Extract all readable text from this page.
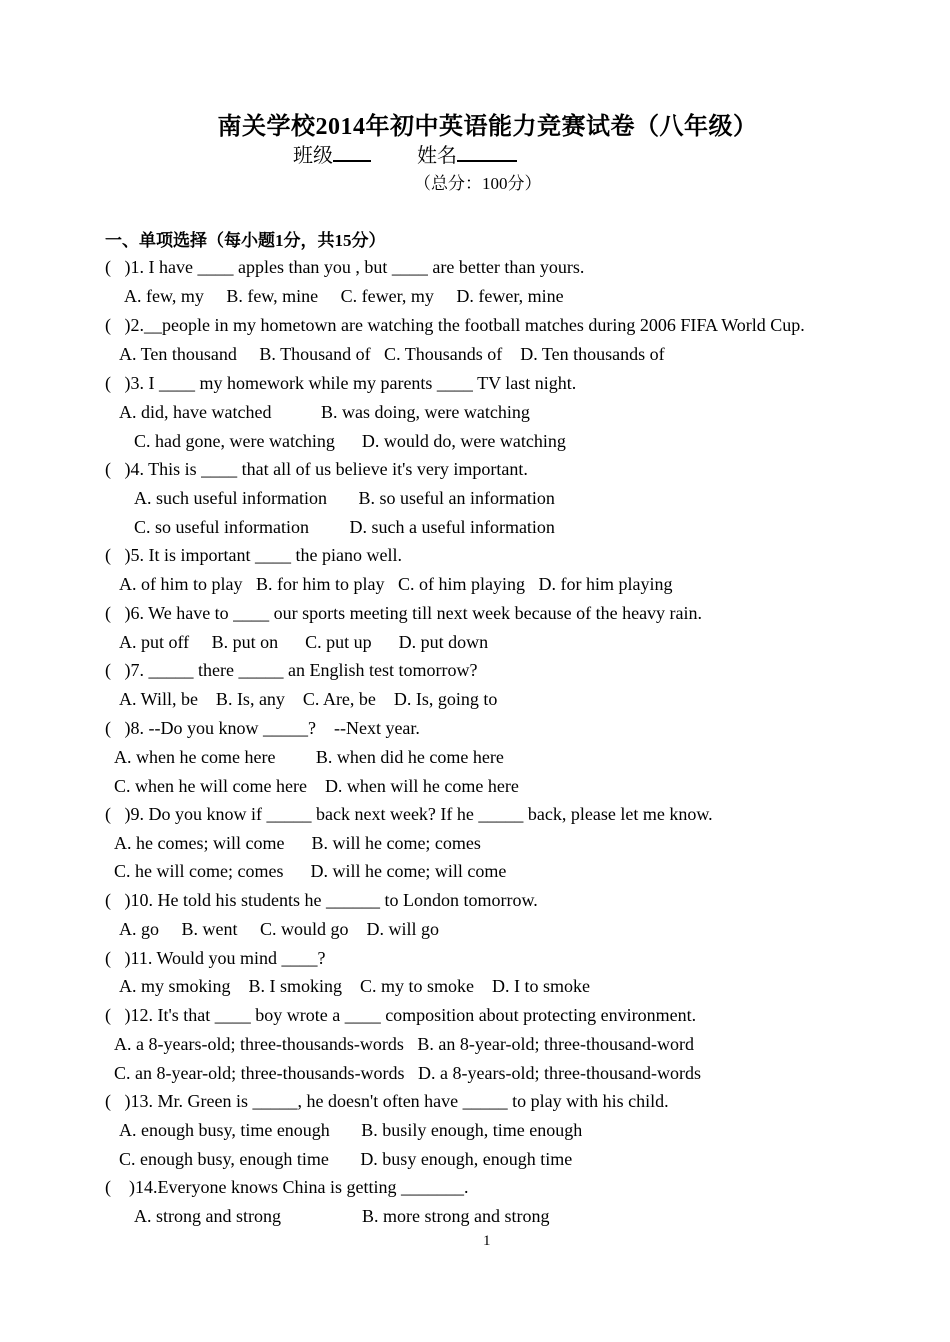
南关学校2014年初中英语能力竞赛试卷（八年级）
班级	姓名
（总分：100分）
一、单项选择（每小题1分，共15分）
(   )1. I have ____ apples than you , but ____ are better than yours.
A. few, my     B. few, mine     C. fewer, my     D. fewer, mine
(   )2.__people in my hometown are watching the football matches during 2006 FIFA World Cup.
A. Ten thousand     B. Thousand of   C. Thousands of    D. Ten thousands of
(   )3. I ____ my homework while my parents ____ TV last night.
A. did, have watched           B. was doing, were watching
C. had gone, were watching      D. would do, were watching
(   )4. This is ____ that all of us believe it's very important.
A. such useful information       B. so useful an information
C. so useful information         D. such a useful information
(   )5. It is important ____ the piano well.
A. of him to play   B. for him to play   C. of him playing   D. for him playing
(   )6. We have to ____ our sports meeting till next week because of the heavy rain.
A. put off     B. put on      C. put up      D. put down
(   )7. _____ there _____ an English test tomorrow?
A. Will, be    B. Is, any    C. Are, be    D. Is, going to
(   )8. --Do you know _____?    --Next year.
A. when he come here         B. when did he come here
C. when he will come here    D. when will he come here
(   )9. Do you know if _____ back next week? If he _____ back, please let me know.
A. he comes; will come      B. will he come; comes
C. he will come; comes      D. will he come; will come
(   )10. He told his students he ______ to London tomorrow.
A. go     B. went     C. would go    D. will go
(   )11. Would you mind ____?
A. my smoking    B. I smoking    C. my to smoke    D. I to smoke
(   )12. It's that ____ boy wrote a ____ composition about protecting environment.
A. a 8-years-old; three-thousands-words   B. an 8-year-old; three-thousand-word
C. an 8-year-old; three-thousands-words   D. a 8-years-old; three-thousand-words
(   )13. Mr. Green is _____, he doesn't often have _____ to play with his child.
A. enough busy, time enough       B. busily enough, time enough
C. enough busy, enough time       D. busy enough, enough time
(    )14.Everyone knows China is getting _______.
A. strong and strong                  B. more strong and strong
1
